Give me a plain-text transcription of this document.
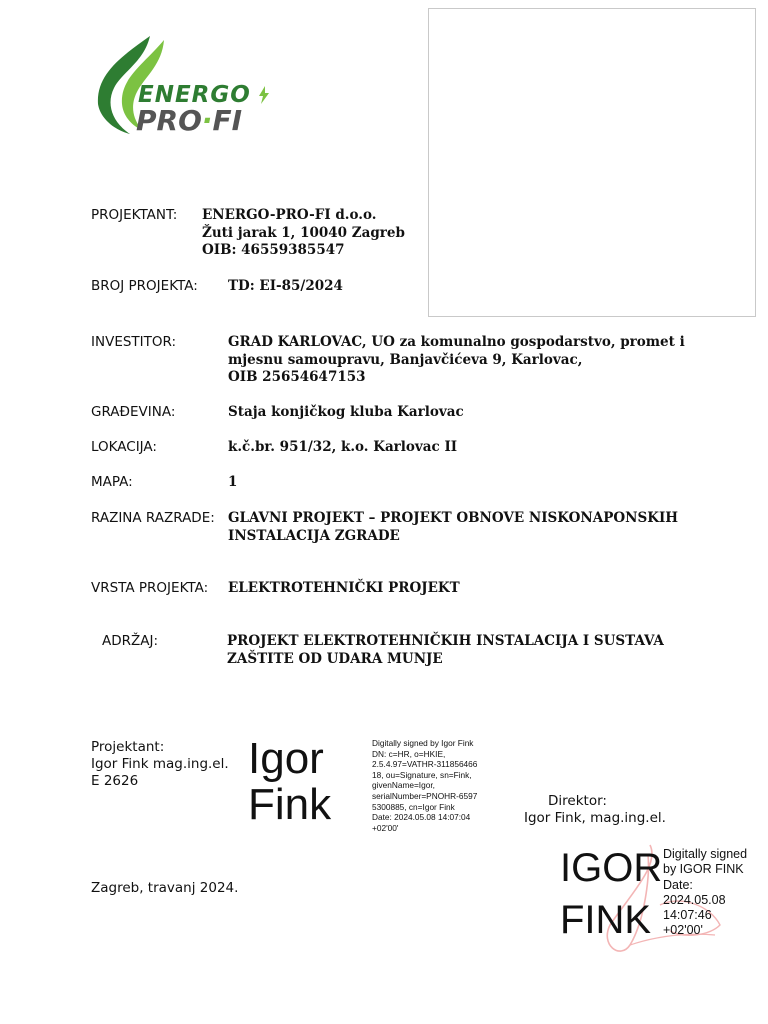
ENERGO
PRO·FI
PROJEKTANT: ENERGO-PRO-FI d.o.o.
Žuti jarak 1, 10040 Zagreb
OIB: 46559385547
BROJ PROJEKTA: TD: EI-85/2024
INVESTITOR:	GRAD KARLOVAC, UO za komunalno gospodarstvo, promet i
mjesnu samoupravu, Banjavčićeva 9, Karlovac,
OIB 25654647153
GRAĐEVINA:	Staja konjičkog kluba Karlovac
LOKACIJA:	k.č.br. 951/32, k.o. Karlovac II
MAPA:	1
RAZINA RAZRADE: GLAVNI PROJEKT – PROJEKT OBNOVE NISKONAPONSKIH
INSTALACIJA ZGRADE
VRSTA PROJEKTA: ELEKTROTEHNIČKI PROJEKT
ADRŽAJ:	PROJEKT ELEKTROTEHNIČKIH INSTALACIJA I SUSTAVA
ZAŠTITE OD UDARA MUNJE
Projektant:
Igor Fink mag.ing.el.
E 2626	Igor
Fink
Digitally signed by Igor Fink
DN: c=HR, o=HKIE,
2.5.4.97=VATHR-311856466
18, ou=Signature, sn=Fink,
givenName=Igor,
serialNumber=PNOHR-6597
5300885, cn=Igor Fink
Date: 2024.05.08 14:07:04
+02'00'
Direktor:
Igor Fink, mag.ing.el.
IGOR
FINK
Digitally signed
by IGOR FINK
Date:
2024.05.08
14:07:46
+02'00'
Zagreb, travanj 2024.
